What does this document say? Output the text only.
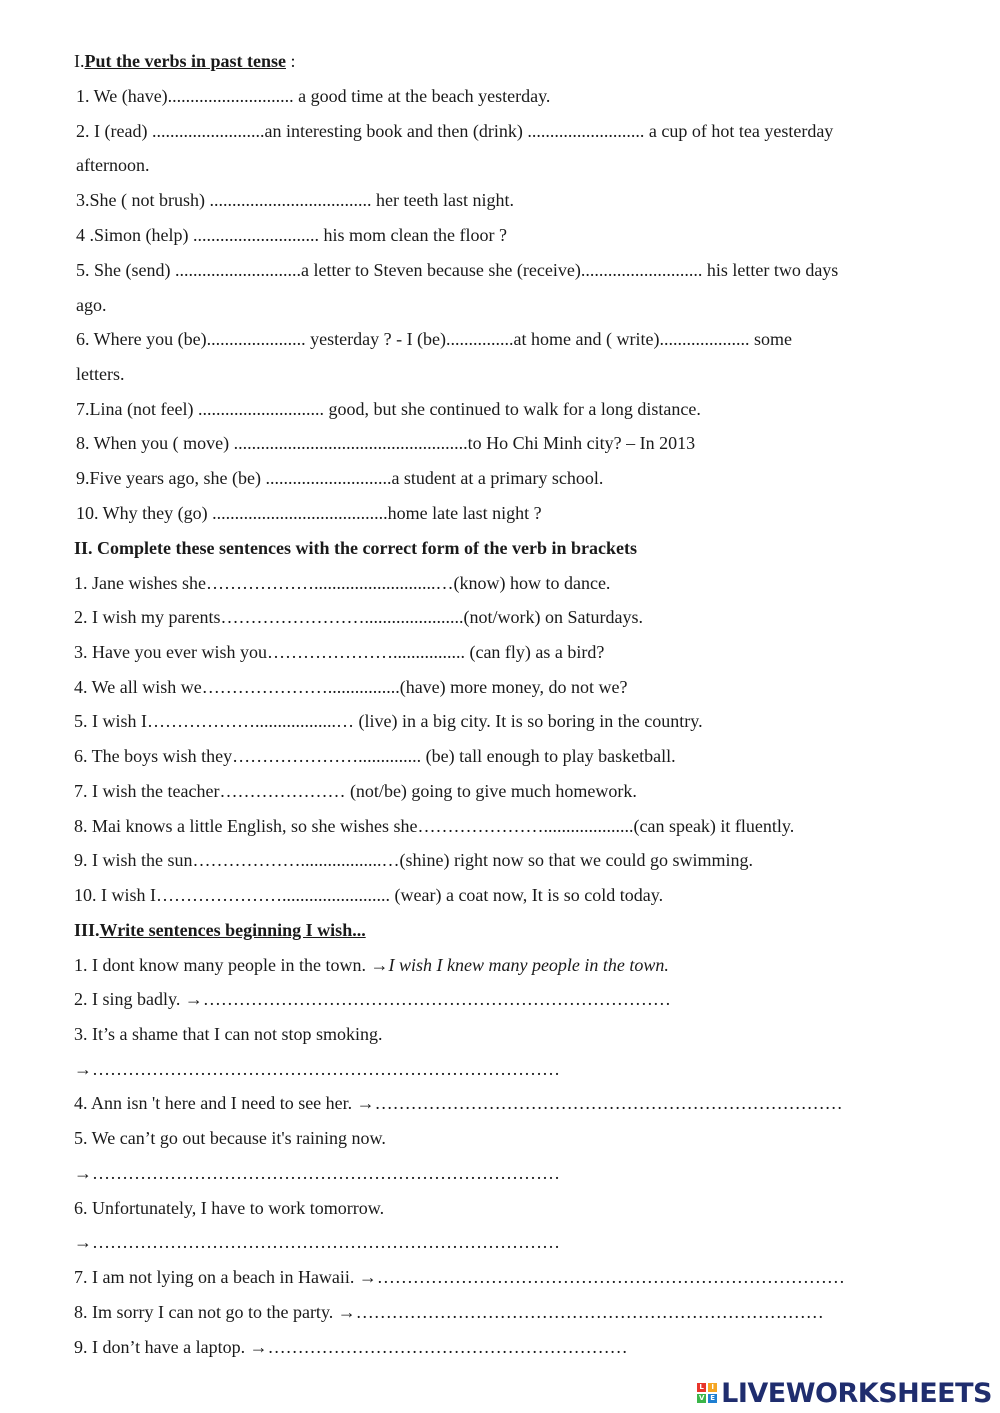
I.Put the verbs in past tense :
1. We (have)............................ a good time at the beach yesterday.
2. I (read) .........................an interesting book and then (drink) .......................... a cup of hot tea yesterday
afternoon.
3.She ( not brush) .................................... her teeth last night.
4 .Simon (help) ............................ his mom clean the floor ?
5. She (send) ............................a letter to Steven because she (receive)........................... his letter two days
ago.
6. Where you (be)...................... yesterday ? - I (be)...............at home and ( write).................... some
letters.
7.Lina (not feel) ............................ good, but she continued to walk for a long distance.
8. When you ( move) ....................................................to Ho Chi Minh city? – In 2013
9.Five years ago, she (be) ............................a student at a primary school.
10. Why they (go) .......................................home late last night ?
II. Complete these sentences with the correct form of the verb in brackets
1. Jane wishes she………………...........................…(know) how to dance.
2. I wish my parents……………………......................(not/work) on Saturdays.
3. Have you ever wish you…………………................ (can fly) as a bird?
4. We all wish we…………………................(have) more money, do not we?
5. I wish I………………..................… (live) in a big city. It is so boring in the country.
6. The boys wish they………………….............. (be) tall enough to play basketball.
7. I wish the teacher………………… (not/be) going to give much homework.
8. Mai knows a little English, so she wishes she…………………....................(can speak) it fluently.
9. I wish the sun………………..................…(shine) right now so that we could go swimming.
10. I wish I…………………........................ (wear) a coat now, It is so cold today.
III.Write sentences beginning I wish...
1. I dont know many people in the town. →I wish I knew many people in the town.
2. I sing badly. →……………………………………………………………………
3. It’s a shame that I can not stop smoking.
→……………………………………………………………………
4. Ann isn 't here and I need to see her. →……………………………………………………………………
5. We can’t go out because it's raining now.
→……………………………………………………………………
6. Unfortunately, I have to work tomorrow.
→……………………………………………………………………
7. I am not lying on a beach in Hawaii. →……………………………………………………………………
8. Im sorry I can not go to the party. →……………………………………………………………………
9. I don’t have a laptop. →……………………………………………………
L	I
V E LIVEWORKSHEETS
